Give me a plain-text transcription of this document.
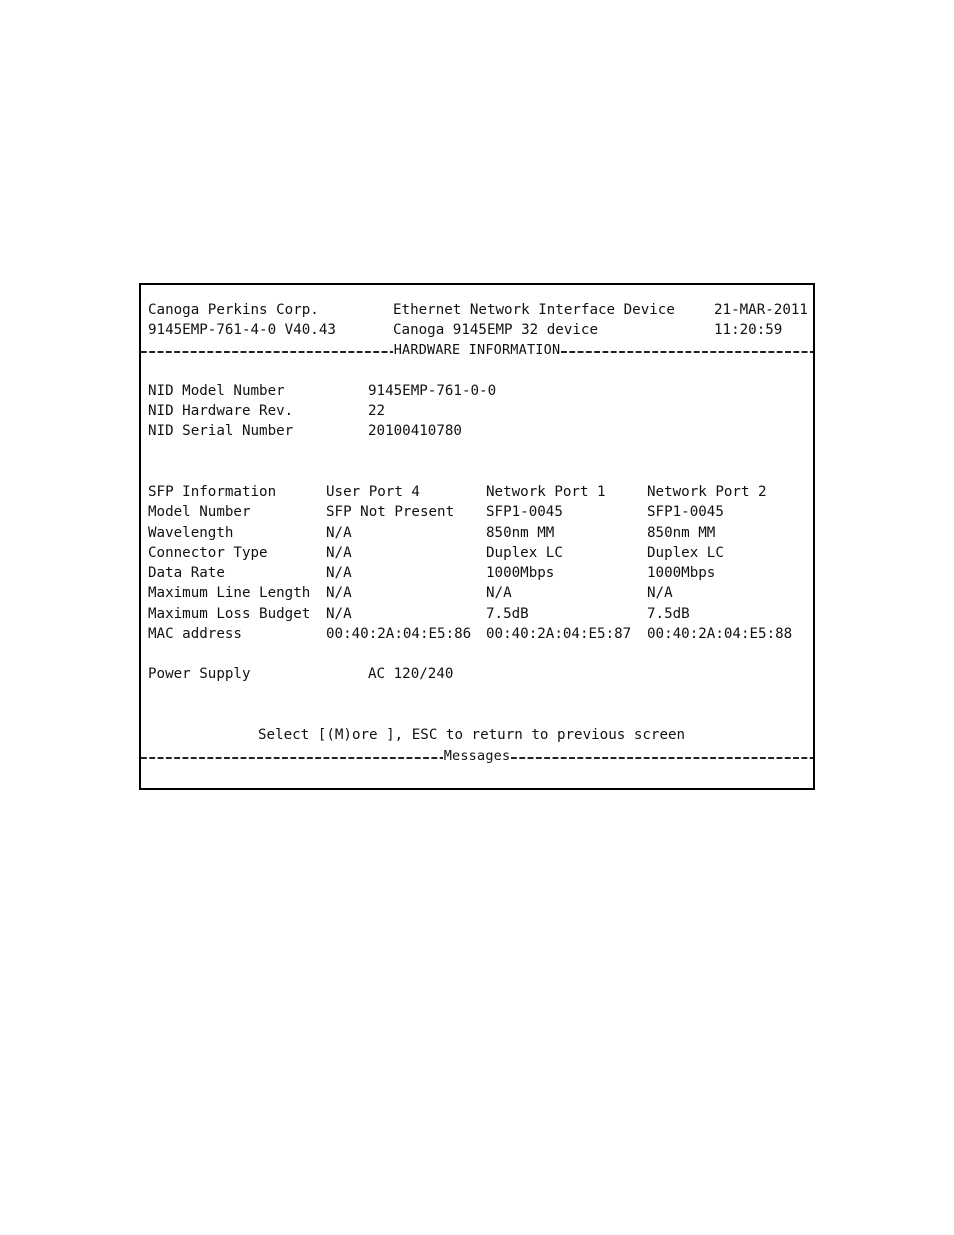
Canoga Perkins Corp.	Ethernet Network Interface Device	21-MAR-2011
9145EMP-761-4-0 V40.43	Canoga 9145EMP 32 device	11:20:59
HARDWARE INFORMATION
NID Model Number	9145EMP-761-0-0
NID Hardware Rev.	22
NID Serial Number	20100410780
SFP Information	User Port 4	Network Port 1	Network Port 2
Model Number	SFP Not Present SFP1-0045	SFP1-0045
Wavelength	N/A	850nm MM	850nm MM
Connector Type	N/A	Duplex LC	Duplex LC
Data Rate	N/A	1000Mbps	1000Mbps
Maximum Line Length N/A	N/A	N/A
Maximum Loss Budget N/A	7.5dB	7.5dB
MAC address	00:40:2A:04:E5:86 00:40:2A:04:E5:87 00:40:2A:04:E5:88
Power Supply	AC 120/240
Select [(M)ore ], ESC to return to previous screen
Messages
